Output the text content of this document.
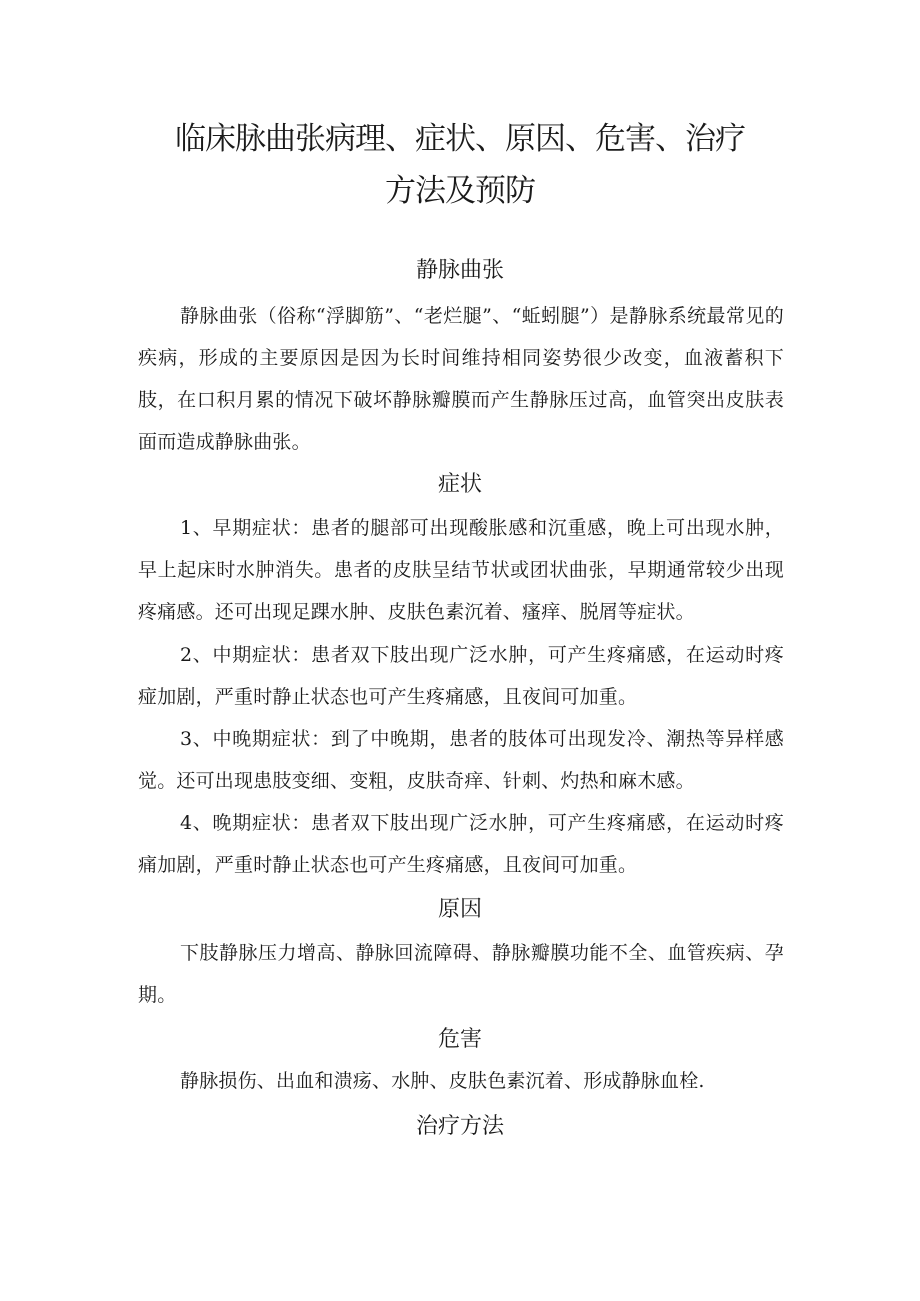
临床脉曲张病理、症状、原因、危害、治疗
方法及预防
静脉曲张

静脉曲张（俗称“浮脚筋”、“老烂腿”、“蚯蚓腿”）是静脉系统最常见的疾病，形成的主要原因是因为长时间维持相同姿势很少改变，血液蓄积下肢，在口积月累的情况下破坏静脉瓣膜而产生静脉压过高，血管突出皮肤表面而造成静脉曲张。

症状

1、早期症状：患者的腿部可出现酸胀感和沉重感，晚上可出现水肿，早上起床时水肿消失。患者的皮肤呈结节状或团状曲张，早期通常较少出现疼痛感。还可出现足踝水肿、皮肤色素沉着、瘙痒、脱屑等症状。

2、中期症状：患者双下肢出现广泛水肿，可产生疼痛感，在运动时疼痖加剧，严重时静止状态也可产生疼痛感，且夜间可加重。

3、中晚期症状：到了中晚期，患者的肢体可出现发冷、潮热等异样感觉。还可出现患肢变细、变粗，皮肤奇痒、针刺、灼热和麻木感。

4、晚期症状：患者双下肢出现广泛水肿，可产生疼痛感，在运动时疼痛加剧，严重时静止状态也可产生疼痛感，且夜间可加重。

原因

下肢静脉压力增高、静脉回流障碍、静脉瓣膜功能不全、血管疾病、孕期。

危害

静脉损伤、出血和溃疡、水肿、皮肤色素沉着、形成静脉血栓.

治疗方法
